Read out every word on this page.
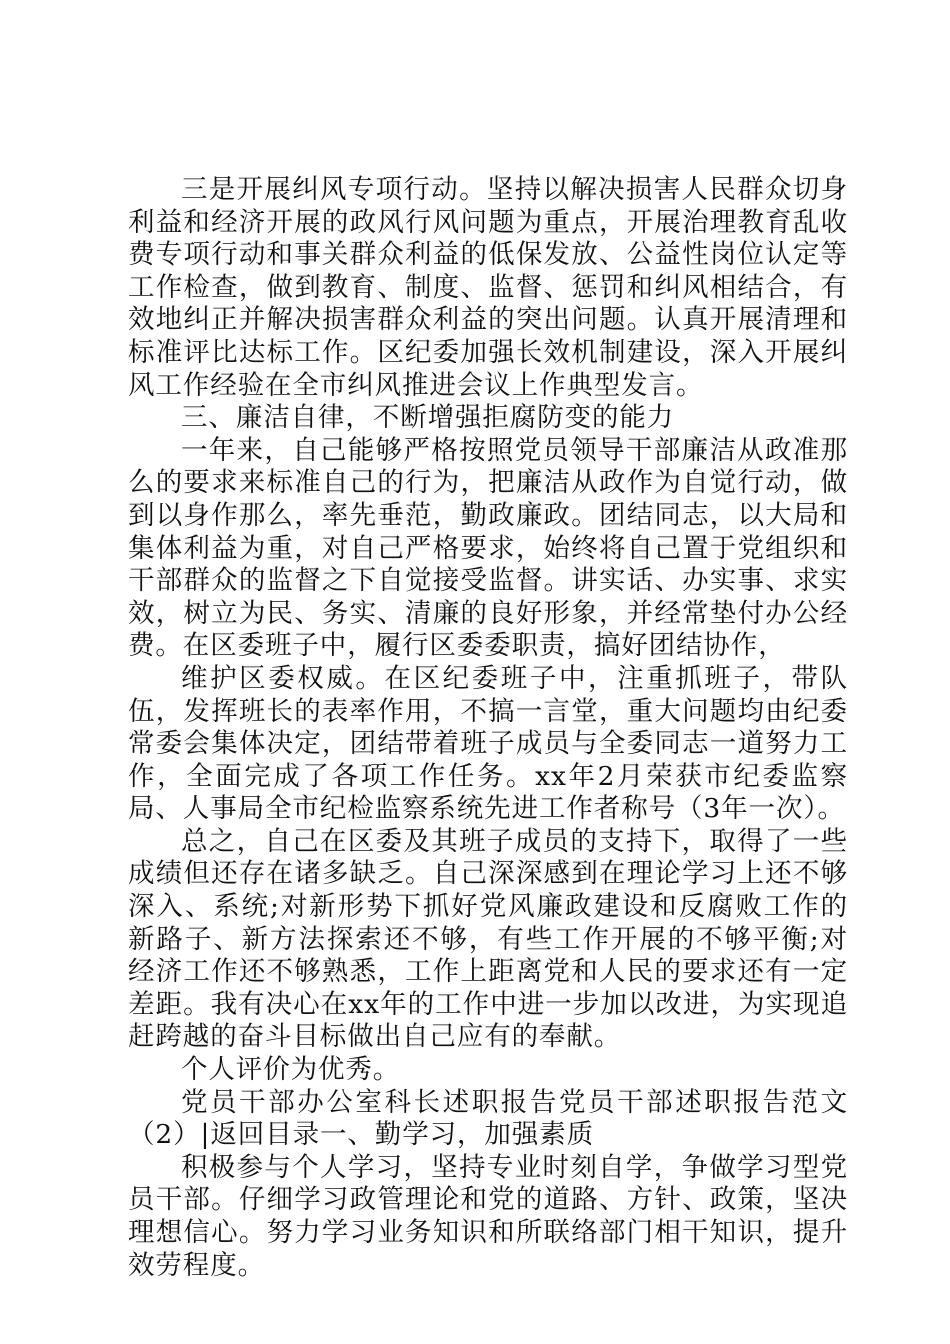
三是开展纠风专项行动。坚持以解决损害人民群众切身利益和经济开展的政风行风问题为重点，开展治理教育乱收费专项行动和事关群众利益的低保发放、公益性岗位认定等工作检查，做到教育、制度、监督、惩罚和纠风相结合，有效地纠正并解决损害群众利益的突出问题。认真开展清理和标准评比达标工作。区纪委加强长效机制建设，深入开展纠风工作经验在全市纠风推进会议上作典型发言。

三、廉洁自律，不断增强拒腐防变的能力

一年来，自己能够严格按照党员领导干部廉洁从政准那么的要求来标准自己的行为，把廉洁从政作为自觉行动，做到以身作那么，率先垂范，勤政廉政。团结同志，以大局和集体利益为重，对自己严格要求，始终将自己置于党组织和干部群众的监督之下自觉接受监督。讲实话、办实事、求实效，树立为民、务实、清廉的良好形象，并经常垫付办公经费。在区委班子中，履行区委委职责，搞好团结协作，

维护区委权威。在区纪委班子中，注重抓班子，带队伍，发挥班长的表率作用，不搞一言堂，重大问题均由纪委常委会集体决定，团结带着班子成员与全委同志一道努力工作，全面完成了各项工作任务。xx年2月荣获市纪委监察局、人事局全市纪检监察系统先进工作者称号（3年一次）。

总之，自己在区委及其班子成员的支持下，取得了一些成绩但还存在诸多缺乏。自己深深感到在理论学习上还不够深入、系统;对新形势下抓好党风廉政建设和反腐败工作的新路子、新方法探索还不够，有些工作开展的不够平衡;对经济工作还不够熟悉，工作上距离党和人民的要求还有一定差距。我有决心在xx年的工作中进一步加以改进，为实现追赶跨越的奋斗目标做出自己应有的奉献。

个人评价为优秀。

党员干部办公室科长述职报告党员干部述职报告范文（2）|返回目录一、勤学习，加强素质

积极参与个人学习，坚持专业时刻自学，争做学习型党员干部。仔细学习政管理论和党的道路、方针、政策，坚决理想信心。努力学习业务知识和所联络部门相干知识，提升效劳程度。
